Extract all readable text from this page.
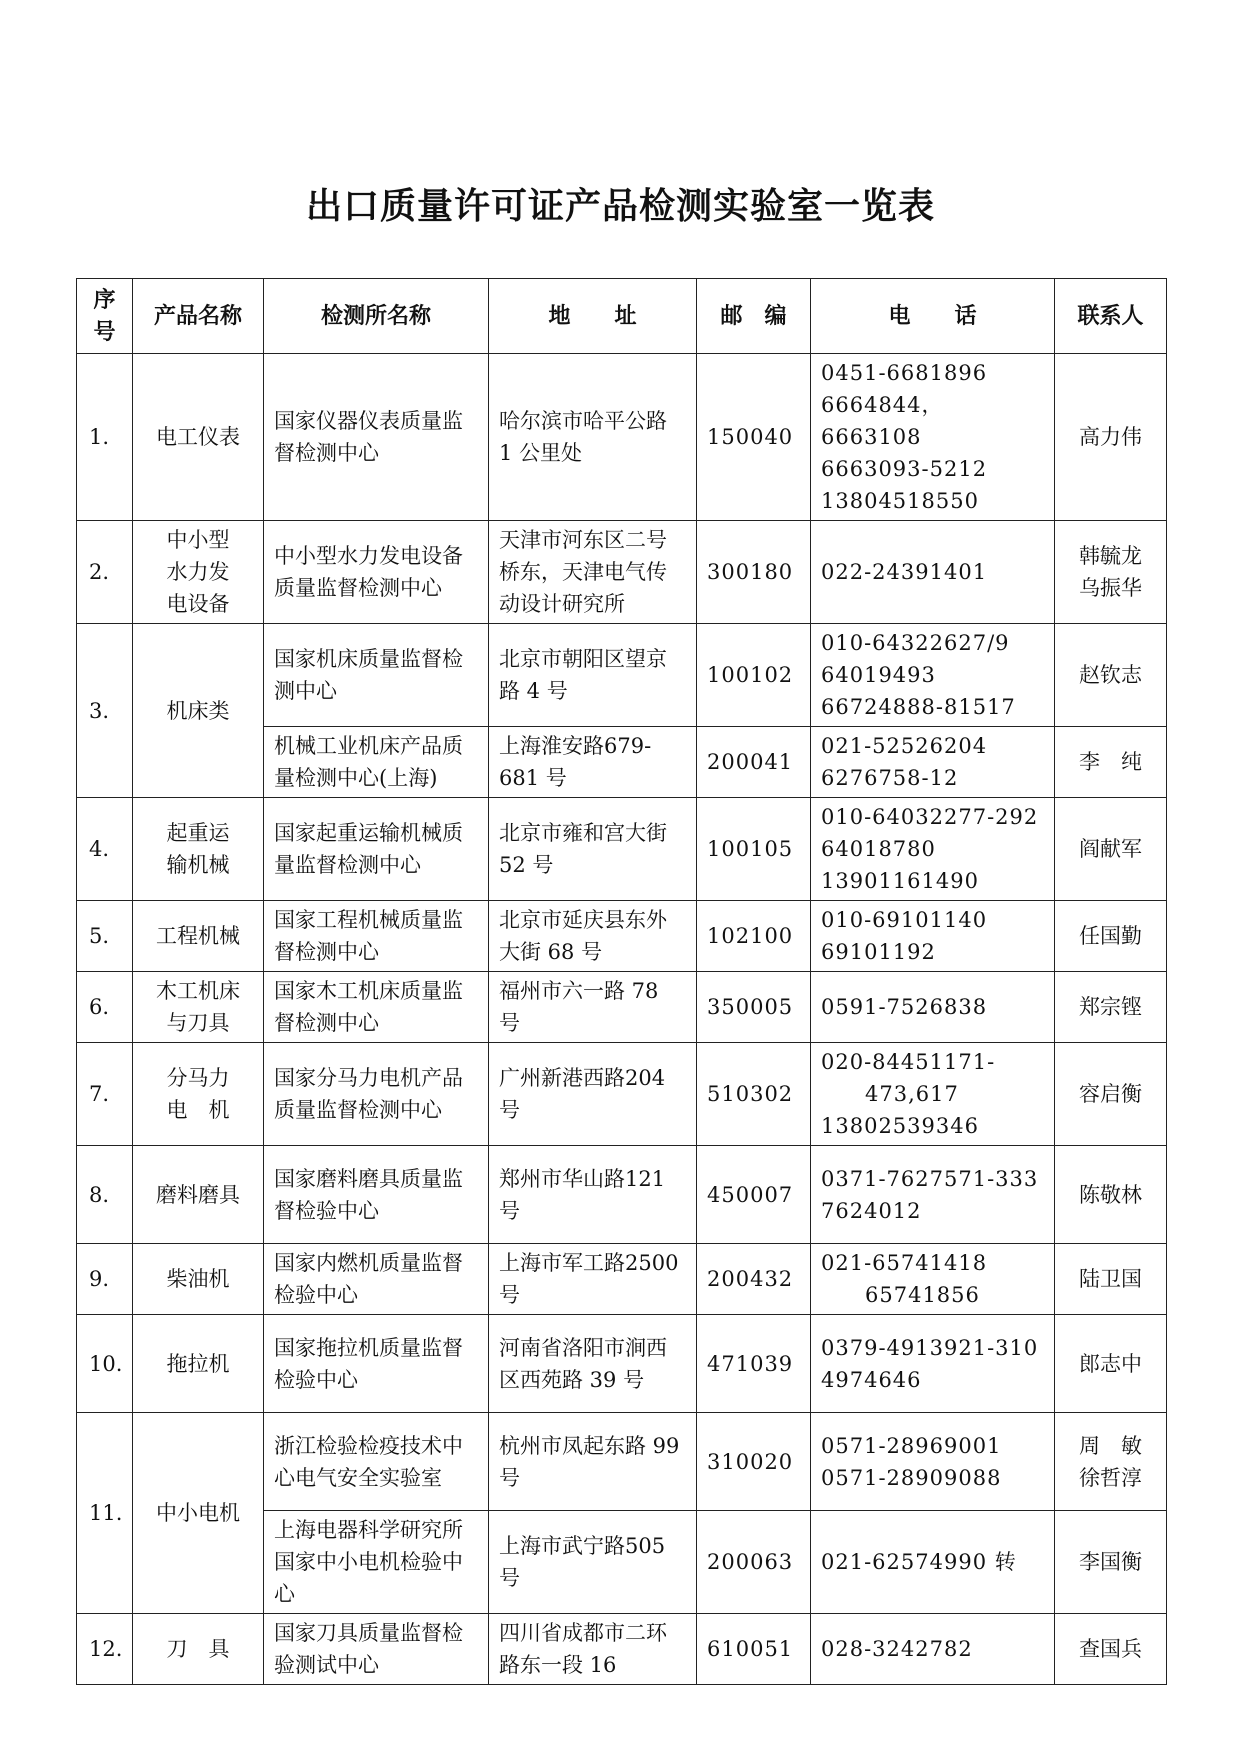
出口质量许可证产品检测实验室一览表
序
号	产品名称	检测所名称	地　　址	邮　编	电　　话	联系人
1.	电工仪表	国家仪器仪表质量监督检测中心	哈尔滨市哈平公路 1 公里处	150040	0451-6681896
6664844，6663108
6663093-5212
13804518550	高力伟
2.	中小型
水力发
电设备	中小型水力发电设备质量监督检测中心	天津市河东区二号桥东，天津电气传动设计研究所	300180	022-24391401	韩毓龙
乌振华
3.	机床类	国家机床质量监督检测中心	北京市朝阳区望京路 4 号	100102	010-64322627/9
64019493
66724888-81517	赵钦志
		机械工业机床产品质量检测中心(上海)	上海淮安路679-681 号	200041	021-52526204
6276758-12	李　纯
4.	起重运
输机械	国家起重运输机械质量监督检测中心	北京市雍和宫大街 52 号	100105	010-64032277-292
64018780
13901161490	阎献军
5.	工程机械	国家工程机械质量监督检测中心	北京市延庆县东外大街 68 号	102100	010-69101140
69101192	任国勤
6.	木工机床
与刀具	国家木工机床质量监督检测中心	福州市六一路 78 号	350005	0591-7526838	郑宗铿
7.	分马力
电　机	国家分马力电机产品质量监督检测中心	广州新港西路204 号	510302	020-84451171-
　　473,617
13802539346	容启衡
8.	磨料磨具	国家磨料磨具质量监督检验中心	郑州市华山路121 号	450007	0371-7627571-333
7624012	陈敬林
9.	柴油机	国家内燃机质量监督检验中心	上海市军工路2500 号	200432	021-65741418
　　65741856	陆卫国
10.	拖拉机	国家拖拉机质量监督检验中心	河南省洛阳市涧西区西苑路 39 号	471039	0379-4913921-310
4974646	郎志中
11.	中小电机	浙江检验检疫技术中心电气安全实验室	杭州市凤起东路 99 号	310020	0571-28969001
0571-28909088	周　敏
徐哲淳
		上海电器科学研究所国家中小电机检验中心	上海市武宁路505 号	200063	021-62574990 转	李国衡
12.	刀　具	国家刀具质量监督检验测试中心	四川省成都市二环路东一段 16	610051	028-3242782	查国兵
